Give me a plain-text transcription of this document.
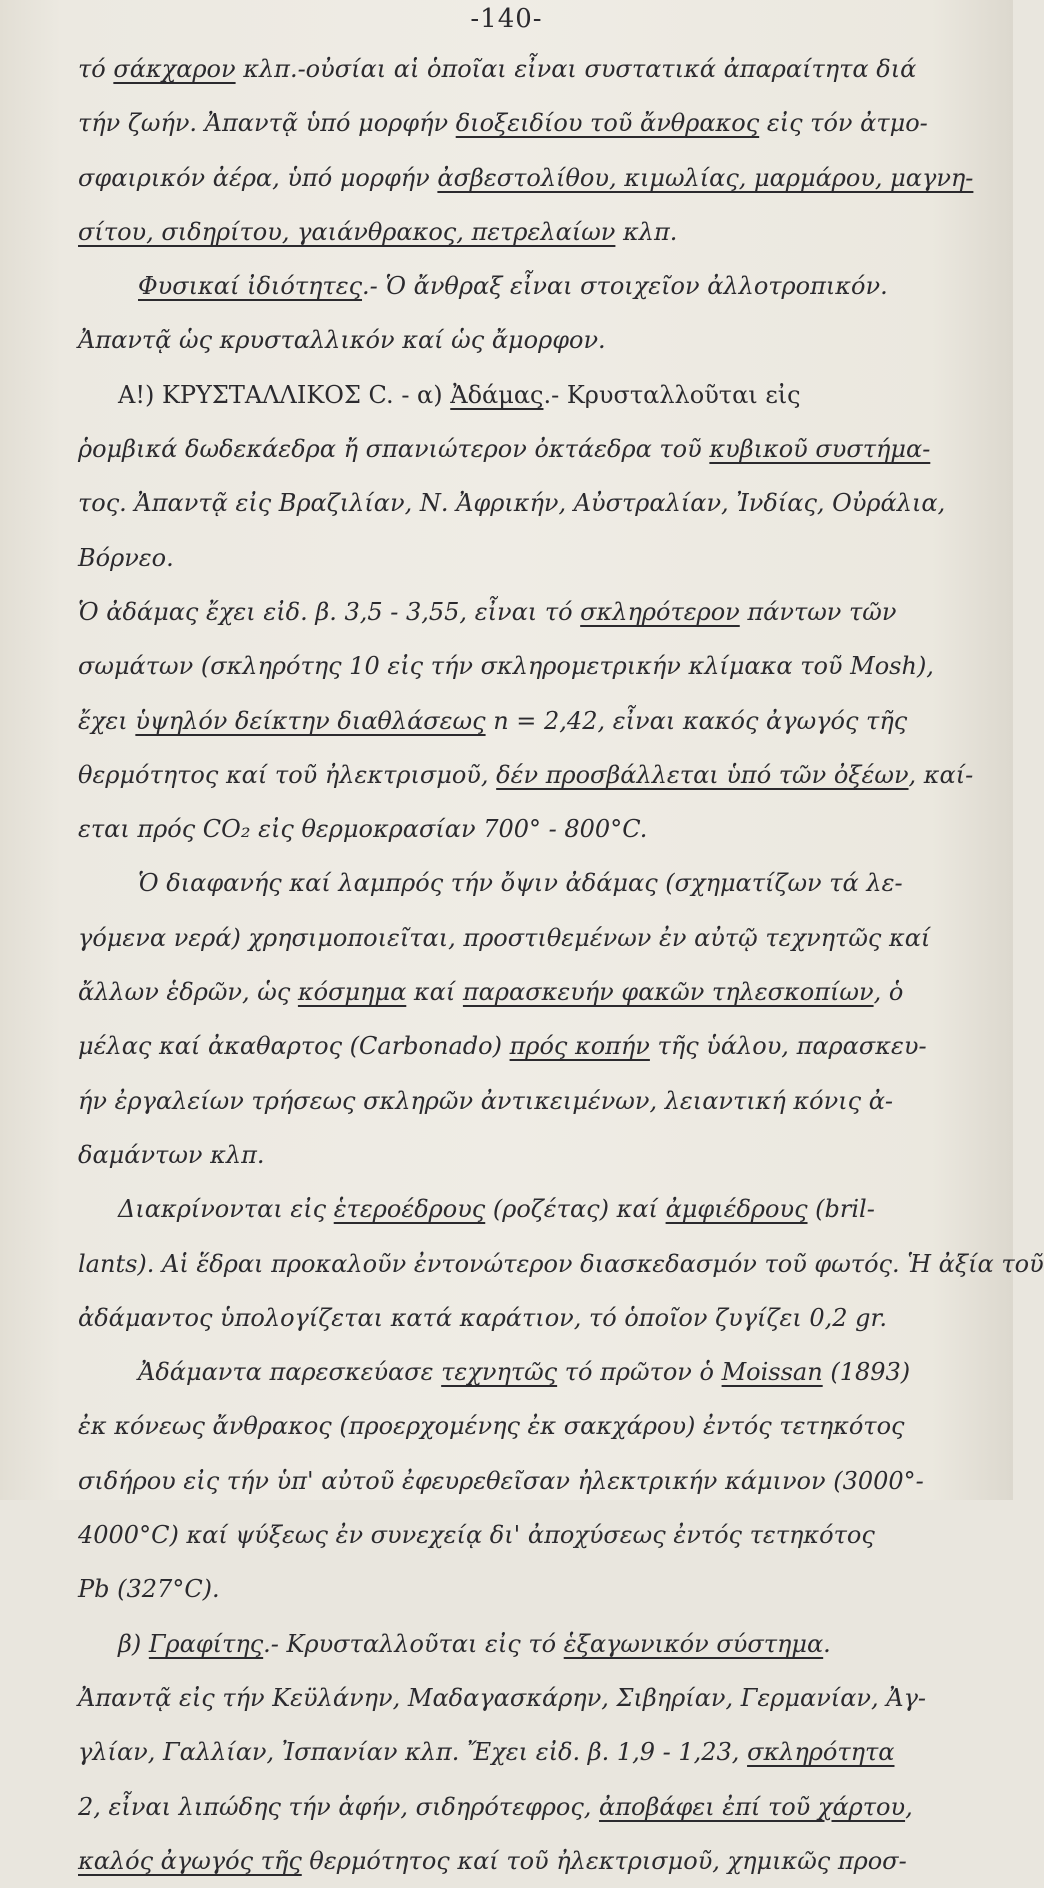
-140-
τό σάκχαρον κλπ.-οὐσίαι αἱ ὁποῖαι εἶναι συστατικά ἀπαραίτητα διά
τήν ζωήν. Ἀπαντᾷ ὑπό μορφήν διοξειδίου τοῦ ἄνθρακος εἰς τόν ἀτμο-
σφαιρικόν ἀέρα, ὑπό μορφήν ἀσβεστολίθου, κιμωλίας, μαρμάρου, μαγνη-
σίτου, σιδηρίτου, γαιάνθρακος, πετρελαίων κλπ.
Φυσικαί ἰδιότητες.- Ὁ ἄνθραξ εἶναι στοιχεῖον ἀλλοτροπικόν.
Ἀπαντᾷ ὡς κρυσταλλικόν καί ὡς ἄμορφον.
Α!) ΚΡΥΣΤΑΛΛΙΚΟΣ C. - α) Ἀδάμας.- Κρυσταλλοῦται εἰς
ῥομβικά δωδεκάεδρα ἤ σπανιώτερον ὀκτάεδρα τοῦ κυβικοῦ συστήμα-
τος. Ἀπαντᾷ εἰς Βραζιλίαν, Ν. Ἀφρικήν, Αὐστραλίαν, Ἰνδίας, Οὐράλια,
Βόρνεο.
Ὁ ἀδάμας ἔχει εἰδ. β. 3,5 - 3,55, εἶναι τό σκληρότερον πάντων τῶν
σωμάτων (σκληρότης 10 εἰς τήν σκληρομετρικήν κλίμακα τοῦ Mosh),
ἔχει ὑψηλόν δείκτην διαθλάσεως n = 2,42, εἶναι κακός ἀγωγός τῆς
θερμότητος καί τοῦ ἠλεκτρισμοῦ, δέν προσβάλλεται ὑπό τῶν ὀξέων, καί-
εται πρός CO₂ εἰς θερμοκρασίαν 700° - 800°C.
Ὁ διαφανής καί λαμπρός τήν ὄψιν ἀδάμας (σχηματίζων τά λε-
γόμενα νερά) χρησιμοποιεῖται, προστιθεμένων ἐν αὐτῷ τεχνητῶς καί
ἄλλων ἑδρῶν, ὡς κόσμημα καί παρασκευήν φακῶν τηλεσκοπίων, ὁ
μέλας καί ἀκαθαρτος (Carbonado) πρός κοπήν τῆς ὑάλου, παρασκευ-
ήν ἐργαλείων τρήσεως σκληρῶν ἀντικειμένων, λειαντική κόνις ἀ-
δαμάντων κλπ.
Διακρίνονται εἰς ἑτεροέδρους (ροζέτας) καί ἀμφιέδρους (bril-
lants). Αἱ ἕδραι προκαλοῦν ἐντονώτερον διασκεδασμόν τοῦ φωτός. Ἡ ἀξία τοῦ
ἀδάμαντος ὑπολογίζεται κατά καράτιον, τό ὁποῖον ζυγίζει 0,2 gr.
Ἀδάμαντα παρεσκεύασε τεχνητῶς τό πρῶτον ὁ Moissan (1893)
ἐκ κόνεως ἄνθρακος (προερχομένης ἐκ σακχάρου) ἐντός τετηκότος
σιδήρου εἰς τήν ὑπ' αὐτοῦ ἐφευρεθεῖσαν ἠλεκτρικήν κάμινον (3000°-
4000°C) καί ψύξεως ἐν συνεχείᾳ δι' ἀποχύσεως ἐντός τετηκότος
Pb (327°C).
β) Γραφίτης.- Κρυσταλλοῦται εἰς τό ἑξαγωνικόν σύστημα.
Ἀπαντᾷ εἰς τήν Κεϋλάνην, Μαδαγασκάρην, Σιβηρίαν, Γερμανίαν, Ἀγ-
γλίαν, Γαλλίαν, Ἰσπανίαν κλπ. Ἔχει εἰδ. β. 1,9 - 1,23, σκληρότητα
2, εἶναι λιπώδης τήν ἁφήν, σιδηρότεφρος, ἀποβάφει ἐπί τοῦ χάρτου,
καλός ἀγωγός τῆς θερμότητος καί τοῦ ἠλεκτρισμοῦ, χημικῶς προσ-
